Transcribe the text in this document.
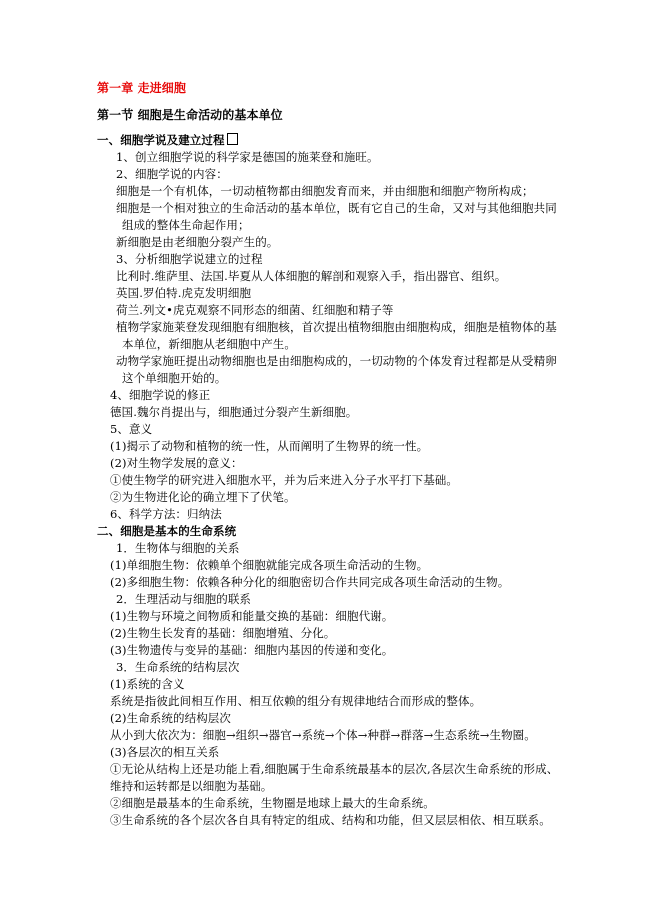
第一章 走进细胞
第一节 细胞是生命活动的基本单位
一、细胞学说及建立过程
1、创立细胞学说的科学家是德国的施莱登和施旺。
2、细胞学说的内容：
细胞是一个有机体，一切动植物都由细胞发育而来，并由细胞和细胞产物所构成；
细胞是一个相对独立的生命活动的基本单位，既有它自己的生命，又对与其他细胞共同
组成的整体生命起作用；
新细胞是由老细胞分裂产生的。
3、分析细胞学说建立的过程
比利时.维萨里、法国.毕夏从人体细胞的解剖和观察入手，指出器官、组织。
英国.罗伯特.虎克发明细胞
荷兰.列文•虎克观察不同形态的细菌、红细胞和精子等
植物学家施莱登发现细胞有细胞核，首次提出植物细胞由细胞构成，细胞是植物体的基
本单位，新细胞从老细胞中产生。
动物学家施旺提出动物细胞也是由细胞构成的，一切动物的个体发育过程都是从受精卵
这个单细胞开始的。
4、细胞学说的修正
德国.魏尔肖提出与，细胞通过分裂产生新细胞。
5、意义
(1)揭示了动物和植物的统一性，从而阐明了生物界的统一性。
(2)对生物学发展的意义：
①使生物学的研究进入细胞水平，并为后来进入分子水平打下基础。
②为生物进化论的确立埋下了伏笔。
6、科学方法：归纳法
二、细胞是基本的生命系统
1．生物体与细胞的关系
(1)单细胞生物：依赖单个细胞就能完成各项生命活动的生物。
(2)多细胞生物：依赖各种分化的细胞密切合作共同完成各项生命活动的生物。
2．生理活动与细胞的联系
(1)生物与环境之间物质和能量交换的基础：细胞代谢。
(2)生物生长发育的基础：细胞增殖、分化。
(3)生物遗传与变异的基础：细胞内基因的传递和变化。
3．生命系统的结构层次
(1)系统的含义
系统是指彼此间相互作用、相互依赖的组分有规律地结合而形成的整体。
(2)生命系统的结构层次
从小到大依次为：细胞→组织→器官→系统→个体→种群→群落→生态系统→生物圈。
(3)各层次的相互关系
①无论从结构上还是功能上看,细胞属于生命系统最基本的层次,各层次生命系统的形成、
维持和运转都是以细胞为基础。
②细胞是最基本的生命系统，生物圈是地球上最大的生命系统。
③生命系统的各个层次各自具有特定的组成、结构和功能，但又层层相依、相互联系。
